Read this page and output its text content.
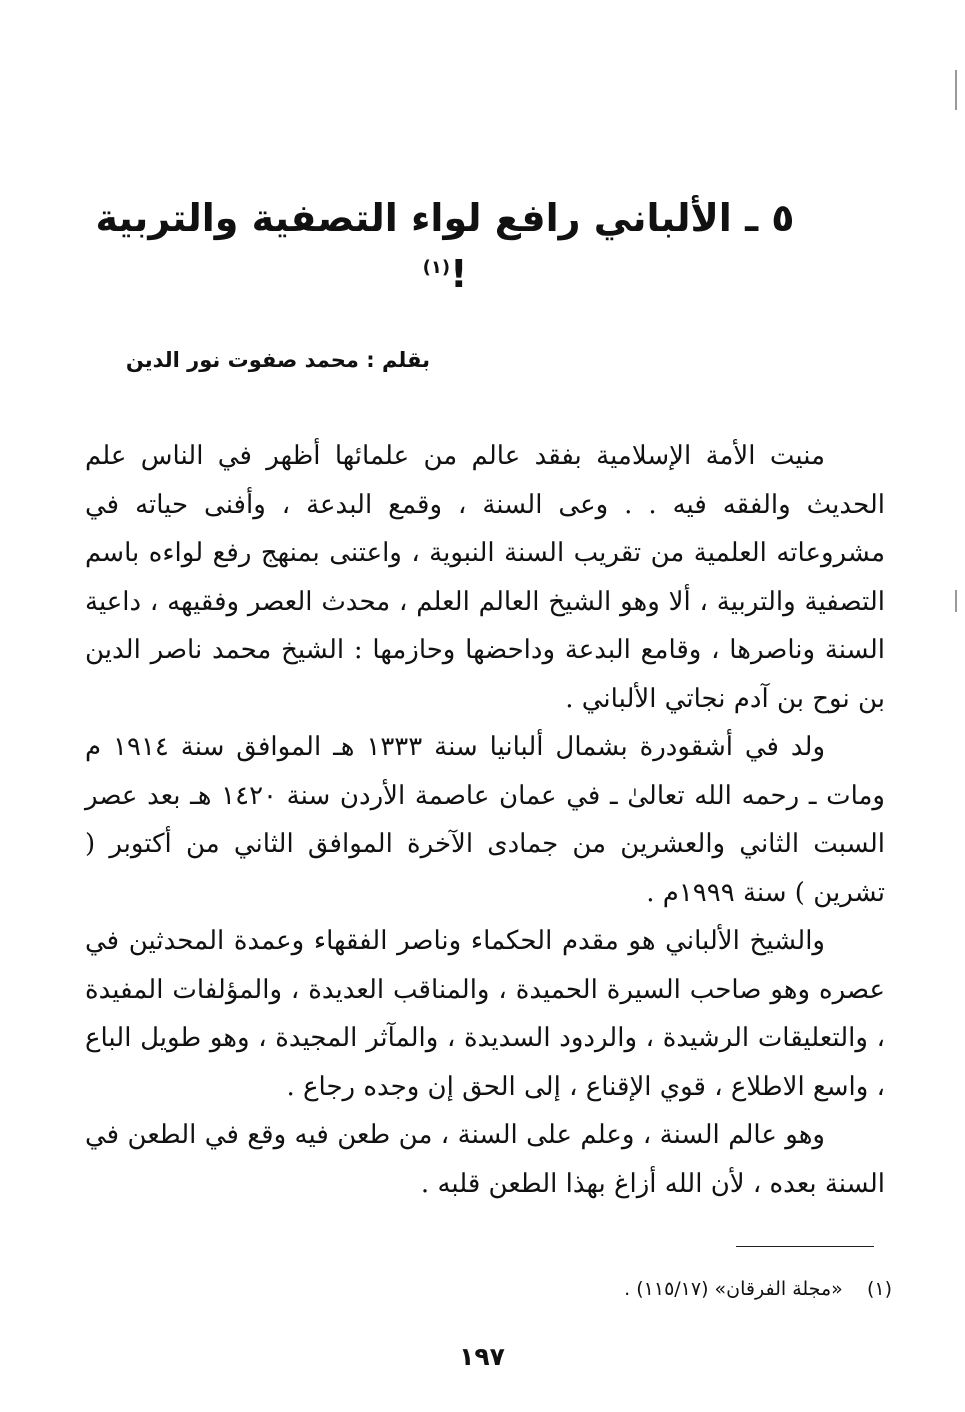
٥ ـ الألباني رافع لواء التصفية والتربية !$^{(١)}$
بقلم : محمد صفوت نور الدين

منيت الأمة الإسلامية بفقد عالم من علمائها أظهر في الناس علم الحديث والفقه فيه . . وعى السنة ، وقمع البدعة ، وأفنى حياته في مشروعاته العلمية من تقريب السنة النبوية ، واعتنى بمنهج رفع لواءه باسم التصفية والتربية ، ألا وهو الشيخ العالم العلم ، محدث العصر وفقيهه ، داعية السنة وناصرها ، وقامع البدعة وداحضها وحازمها : الشيخ محمد ناصر الدين بن نوح بن آدم نجاتي الألباني .

ولد في أشقودرة بشمال ألبانيا سنة ١٣٣٣ هـ الموافق سنة ١٩١٤ م ومات ـ رحمه الله تعالىٰ ـ في عمان عاصمة الأردن سنة ١٤٢٠ هـ بعد عصر السبت الثاني والعشرين من جمادى الآخرة الموافق الثاني من أكتوبر ( تشرين ) سنة ١٩٩٩م .

والشيخ الألباني هو مقدم الحكماء وناصر الفقهاء وعمدة المحدثين في عصره وهو صاحب السيرة الحميدة ، والمناقب العديدة ، والمؤلفات المفيدة ، والتعليقات الرشيدة ، والردود السديدة ، والمآثر المجيدة ، وهو طويل الباع ، واسع الاطلاع ، قوي الإقناع ، إلى الحق إن وجده رجاع .

وهو عالم السنة ، وعلم على السنة ، من طعن فيه وقع في الطعن في السنة بعده ، لأن الله أزاغ بهذا الطعن قلبه .

(١)    «مجلة الفرقان» (١١٥/١٧) .
١٩٧
